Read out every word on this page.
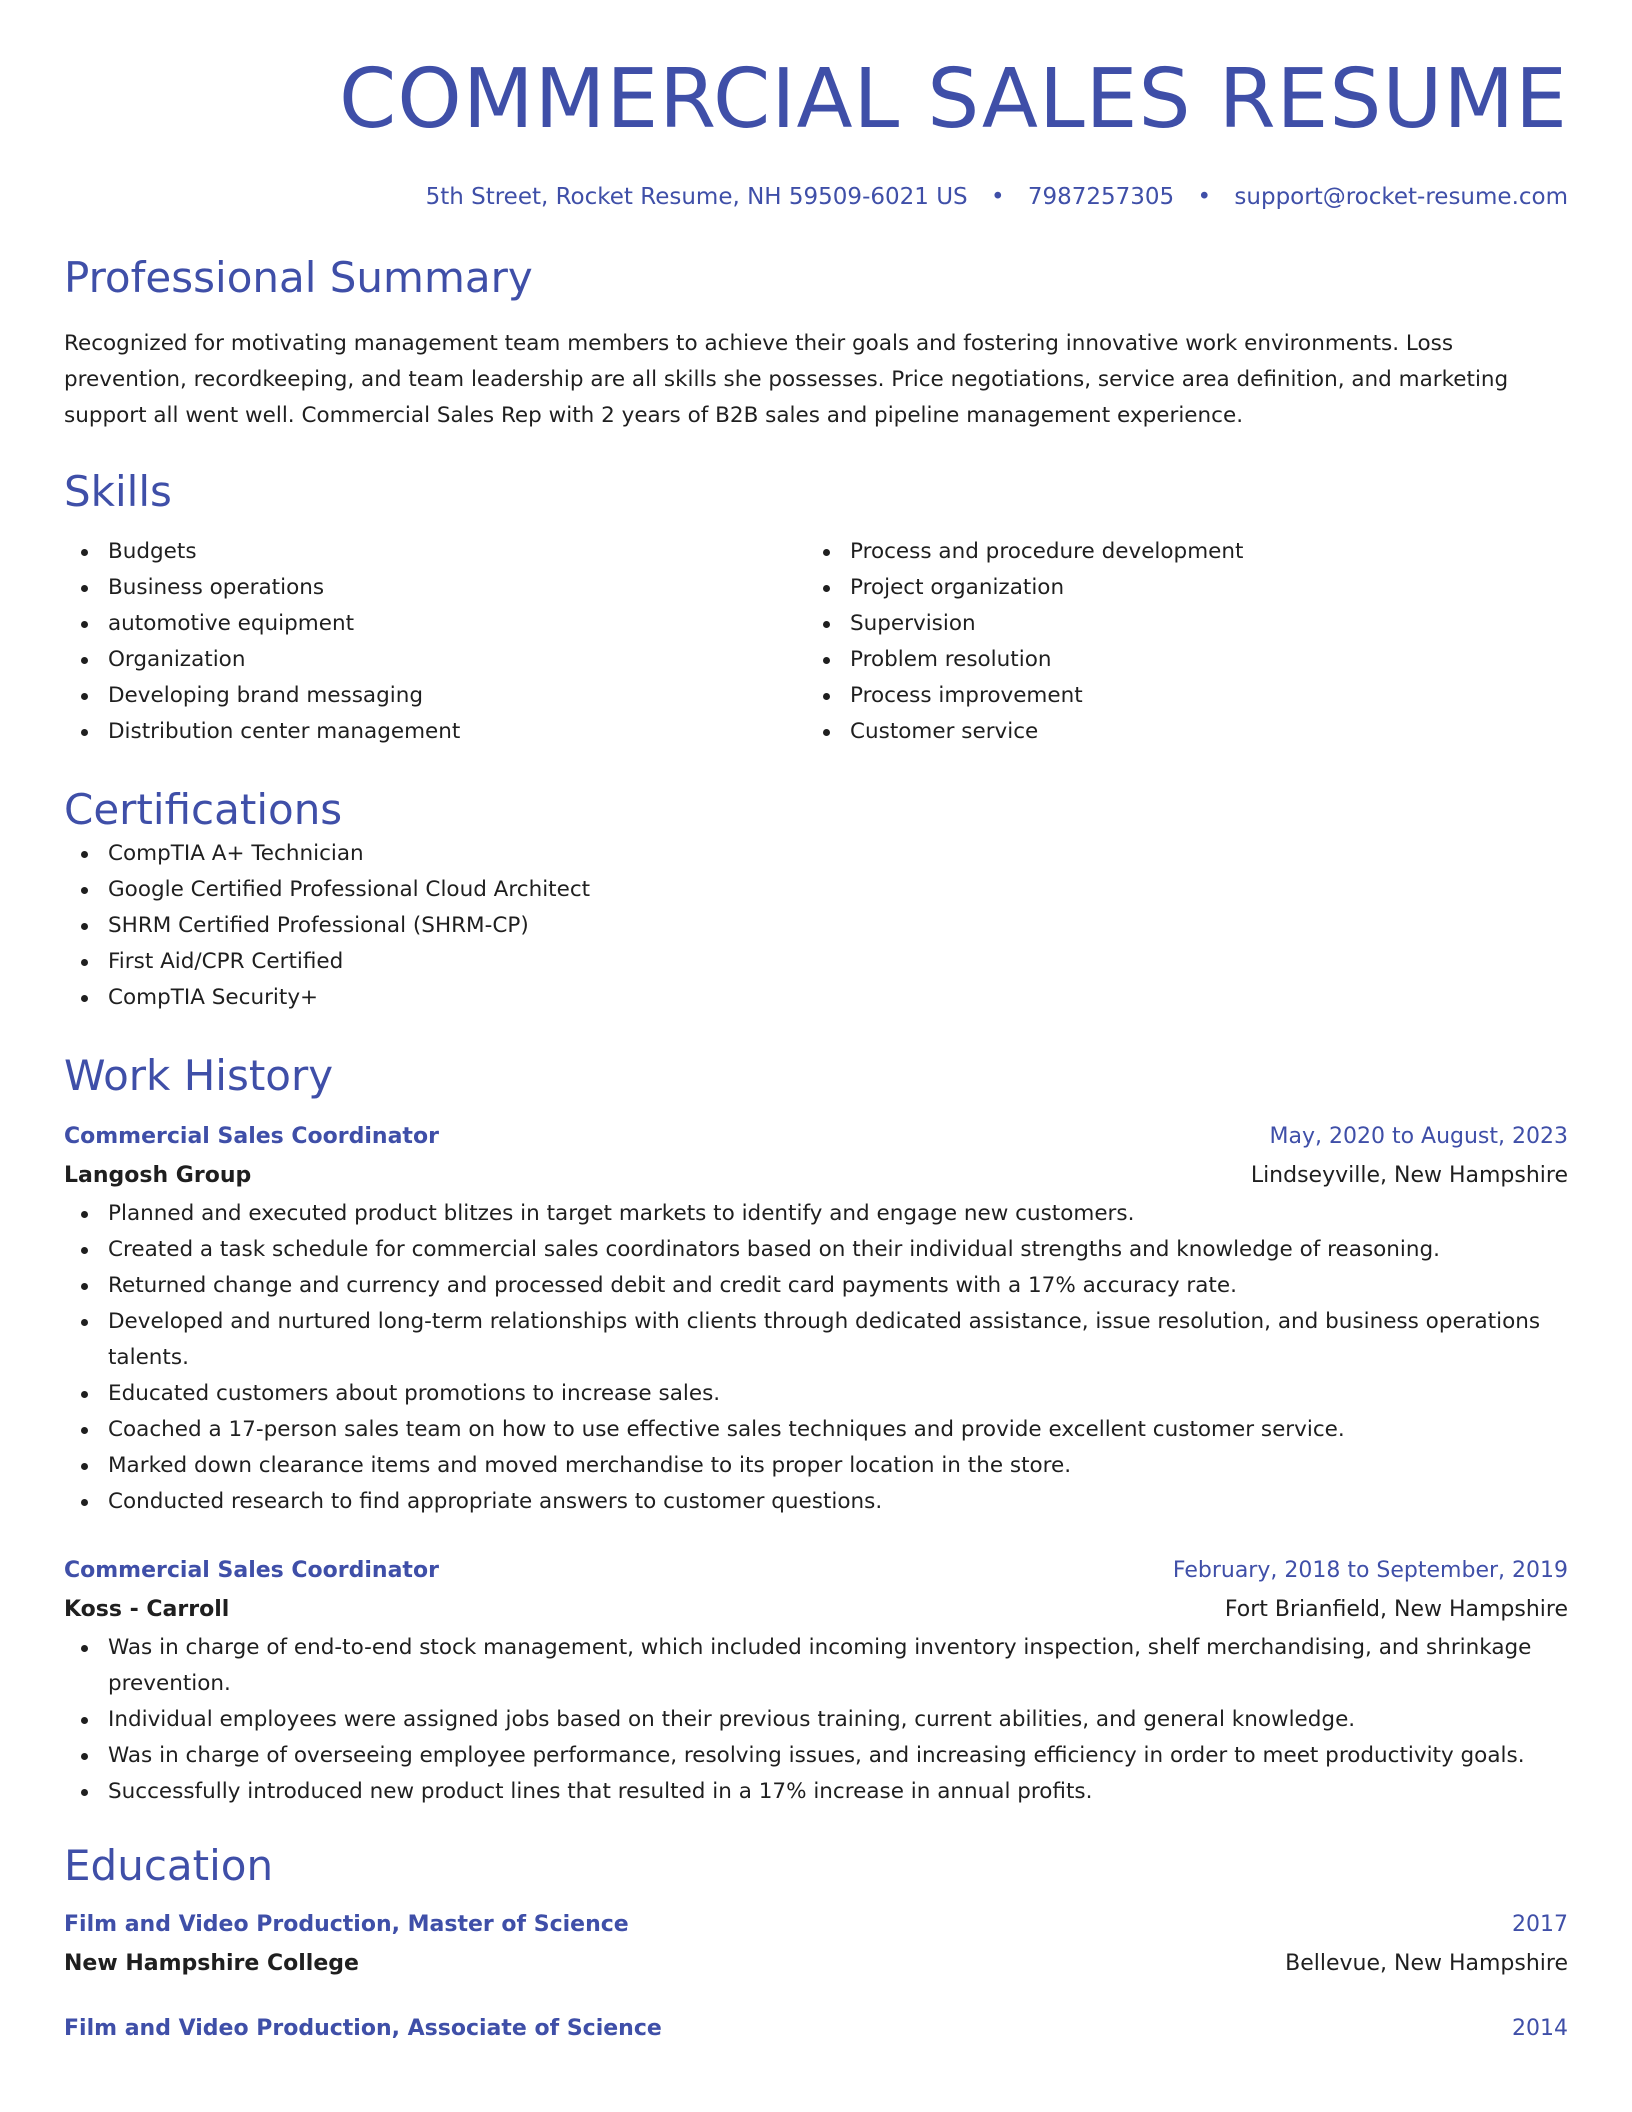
COMMERCIAL SALES RESUME
5th Street, Rocket Resume, NH 59509-6021 US • 7987257305 • support@rocket-resume.com
Professional Summary

Recognized for motivating management team members to achieve their goals and fostering innovative work environments. Loss prevention, recordkeeping, and team leadership are all skills she possesses. Price negotiations, service area definition, and marketing support all went well. Commercial Sales Rep with 2 years of B2B sales and pipeline management experience.

Skills
Budgets
Business operations
automotive equipment
Organization
Developing brand messaging
Distribution center management
Process and procedure development
Project organization
Supervision
Problem resolution
Process improvement
Customer service
Certifications
CompTIA A+ Technician
Google Certified Professional Cloud Architect
SHRM Certified Professional (SHRM-CP)
First Aid/CPR Certified
CompTIA Security+
Work History
Commercial Sales Coordinator	May, 2020 to August, 2023
Langosh Group	Lindseyville, New Hampshire
Planned and executed product blitzes in target markets to identify and engage new customers.
Created a task schedule for commercial sales coordinators based on their individual strengths and knowledge of reasoning.
Returned change and currency and processed debit and credit card payments with a 17% accuracy rate.
Developed and nurtured long-term relationships with clients through dedicated assistance, issue resolution, and business operations talents.
Educated customers about promotions to increase sales.
Coached a 17-person sales team on how to use effective sales techniques and provide excellent customer service.
Marked down clearance items and moved merchandise to its proper location in the store.
Conducted research to find appropriate answers to customer questions.
Commercial Sales Coordinator	February, 2018 to September, 2019
Koss - Carroll	Fort Brianfield, New Hampshire
Was in charge of end-to-end stock management, which included incoming inventory inspection, shelf merchandising, and shrinkage prevention.
Individual employees were assigned jobs based on their previous training, current abilities, and general knowledge.
Was in charge of overseeing employee performance, resolving issues, and increasing efficiency in order to meet productivity goals.
Successfully introduced new product lines that resulted in a 17% increase in annual profits.
Education
Film and Video Production, Master of Science	2017
New Hampshire College	Bellevue, New Hampshire
Film and Video Production, Associate of Science	2014
